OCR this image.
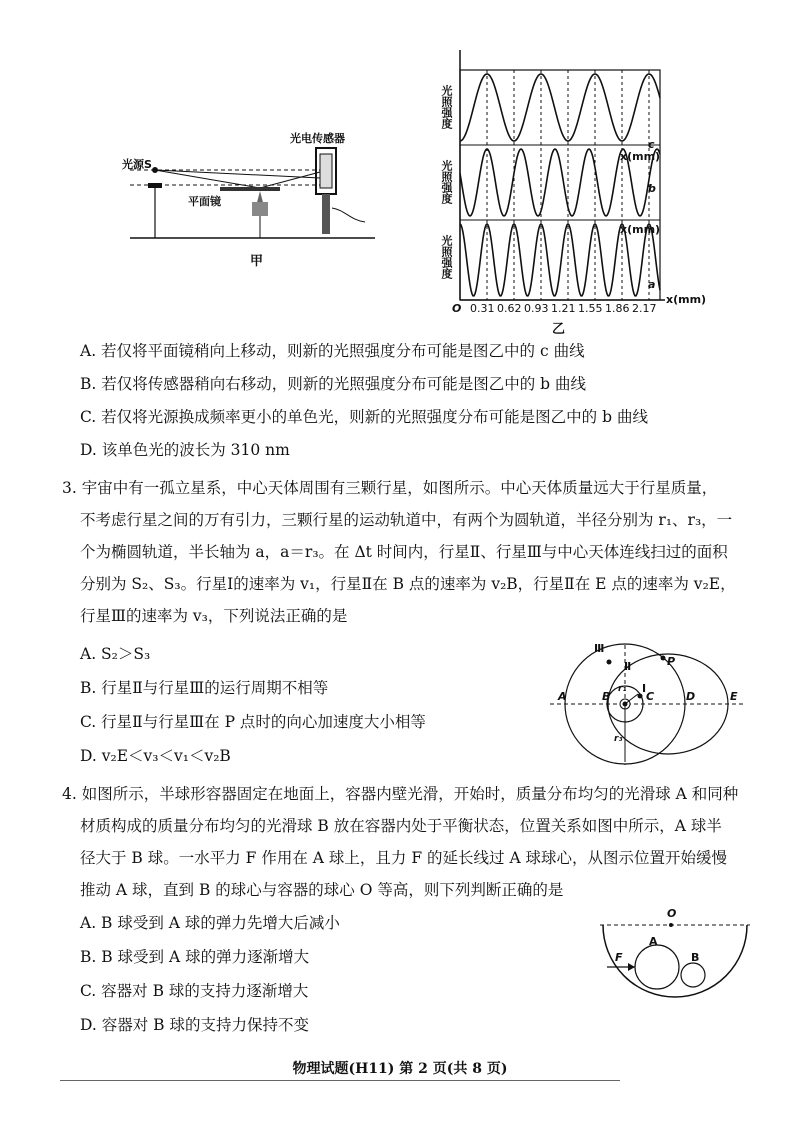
光源S
平面镜
光电传感器
甲
光照强度
光照强度
光照强度
c
b
a
x(mm)
x(mm)
x(mm)
O 0.31 0.62 0.93 1.21 1.55 1.86 2.17
乙
A. 若仅将平面镜稍向上移动，则新的光照强度分布可能是图乙中的 c 曲线
B. 若仅将传感器稍向右移动，则新的光照强度分布可能是图乙中的 b 曲线
C. 若仅将光源换成频率更小的单色光，则新的光照强度分布可能是图乙中的 b 曲线
D. 该单色光的波长为 310 nm
3. 宇宙中有一孤立星系，中心天体周围有三颗行星，如图所示。中心天体质量远大于行星质量，
不考虑行星之间的万有引力，三颗行星的运动轨道中，有两个为圆轨道，半径分别为 r₁、r₃，一
个为椭圆轨道，半长轴为 a，a＝r₃。在 Δt 时间内，行星Ⅱ、行星Ⅲ与中心天体连线扫过的面积
分别为 S₂、S₃。行星Ⅰ的速率为 v₁，行星Ⅱ在 B 点的速率为 v₂B，行星Ⅱ在 E 点的速率为 v₂E，
行星Ⅲ的速率为 v₃，下列说法正确的是
A. S₂＞S₃
B. 行星Ⅱ与行星Ⅲ的运行周期不相等
C. 行星Ⅱ与行星Ⅲ在 P 点时的向心加速度大小相等
D. v₂E＜v₃＜v₁＜v₂B
Ⅲ
Ⅱ
Ⅰ
P
A	B	C	D	E
r₁
r₃
4. 如图所示，半球形容器固定在地面上，容器内壁光滑，开始时，质量分布均匀的光滑球 A 和同种
材质构成的质量分布均匀的光滑球 B 放在容器内处于平衡状态，位置关系如图中所示，A 球半
径大于 B 球。一水平力 F 作用在 A 球上，且力 F 的延长线过 A 球球心，从图示位置开始缓慢
推动 A 球，直到 B 的球心与容器的球心 O 等高，则下列判断正确的是
A. B 球受到 A 球的弹力先增大后减小
B. B 球受到 A 球的弹力逐渐增大
C. 容器对 B 球的支持力逐渐增大
D. 容器对 B 球的支持力保持不变
O
A
B
F
物理试题(H11) 第 2 页(共 8 页)
